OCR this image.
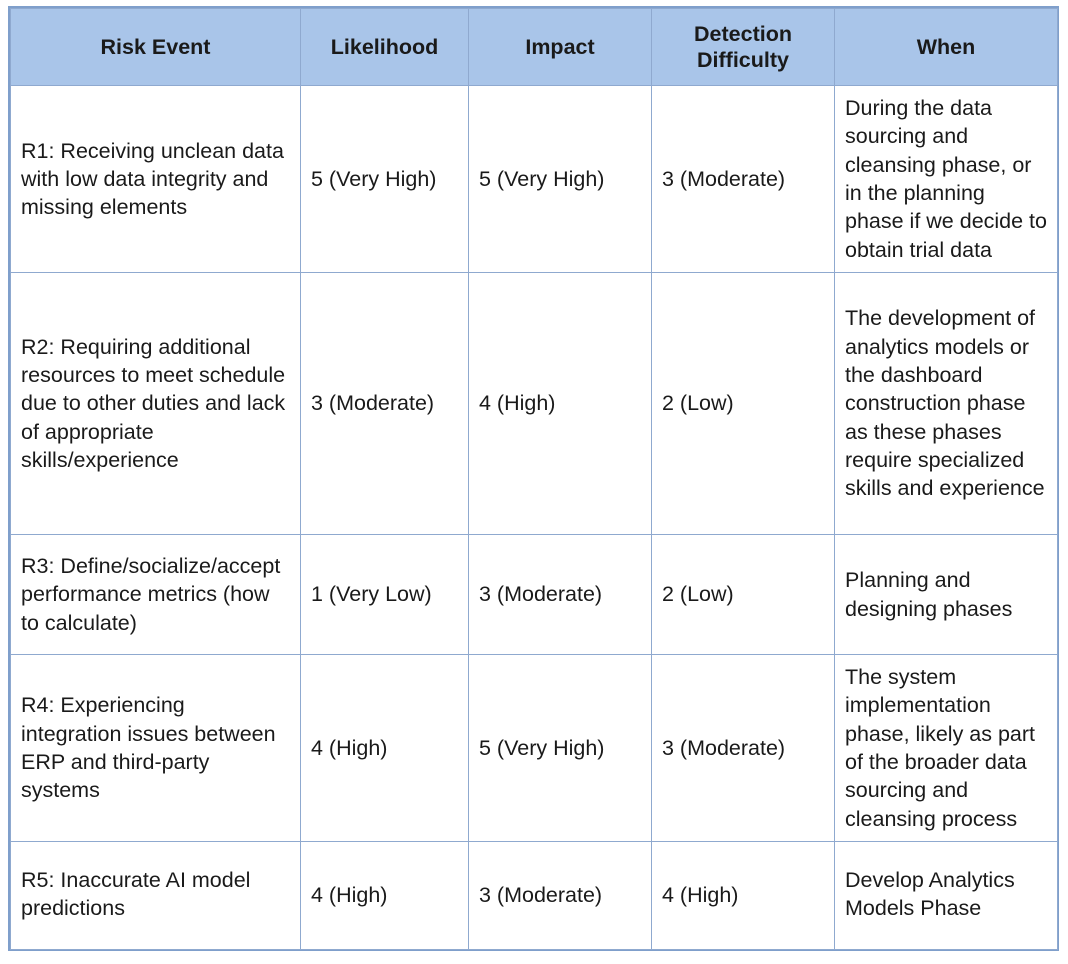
Risk Event	Likelihood	Impact	Detection Difficulty	When
R1: Receiving unclean data with low data integrity and missing elements	5 (Very High)	5 (Very High)	3 (Moderate)	During the data sourcing and cleansing phase, or in the planning phase if we decide to obtain trial data
R2: Requiring additional resources to meet schedule due to other duties and lack of appropriate skills/experience	3 (Moderate)	4 (High)	2 (Low)	The development of analytics models or the dashboard construction phase as these phases require specialized skills and experience
R3: Define/socialize/accept performance metrics (how to calculate)	1 (Very Low)	3 (Moderate)	2 (Low)	Planning and designing phases
R4: Experiencing integration issues between ERP and third-party systems	4 (High)	5 (Very High)	3 (Moderate)	The system implementation phase, likely as part of the broader data sourcing and cleansing process
R5: Inaccurate AI model predictions	4 (High)	3 (Moderate)	4 (High)	Develop Analytics Models Phase
